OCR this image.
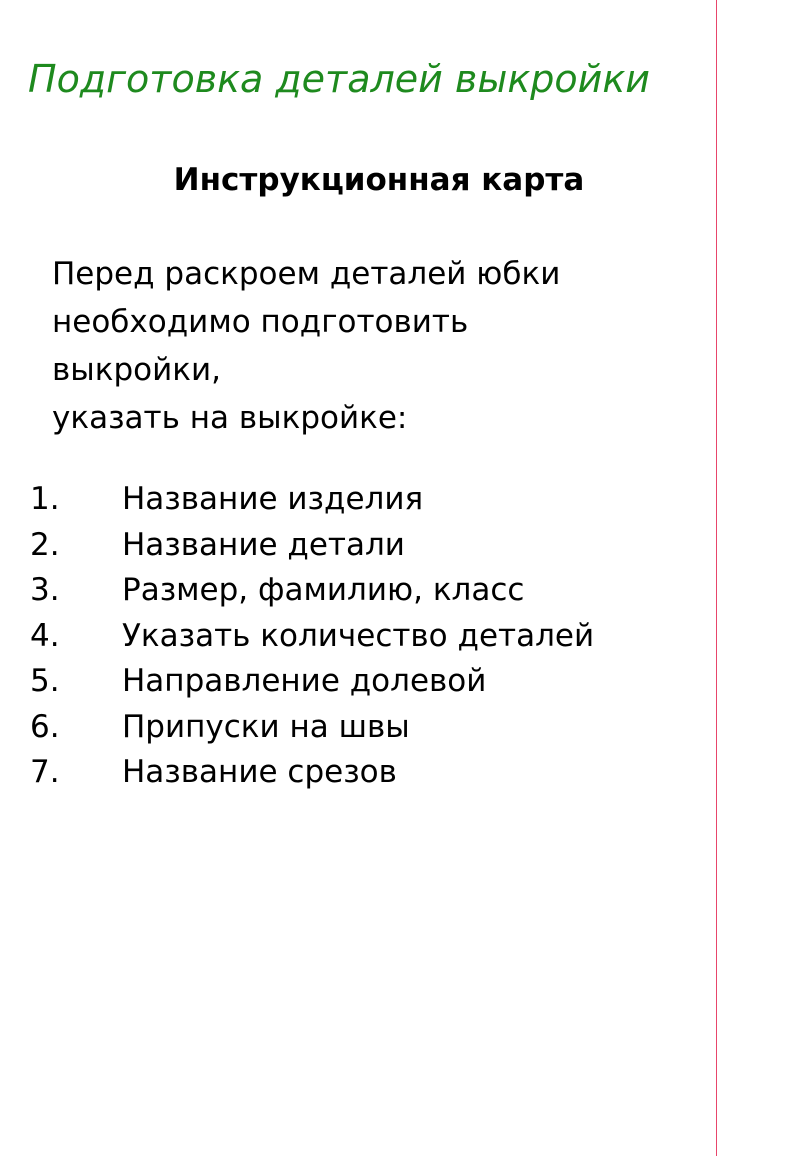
Подготовка деталей выкройки
Инструкционная карта
Перед раскроем деталей юбки
необходимо подготовить
выкройки,
указать на выкройке:
1.	Название изделия
2.	Название детали
3.	Размер, фамилию, класс
4.	Указать количество деталей
5.	Направление долевой
6.	Припуски на швы
7.	Название срезов
